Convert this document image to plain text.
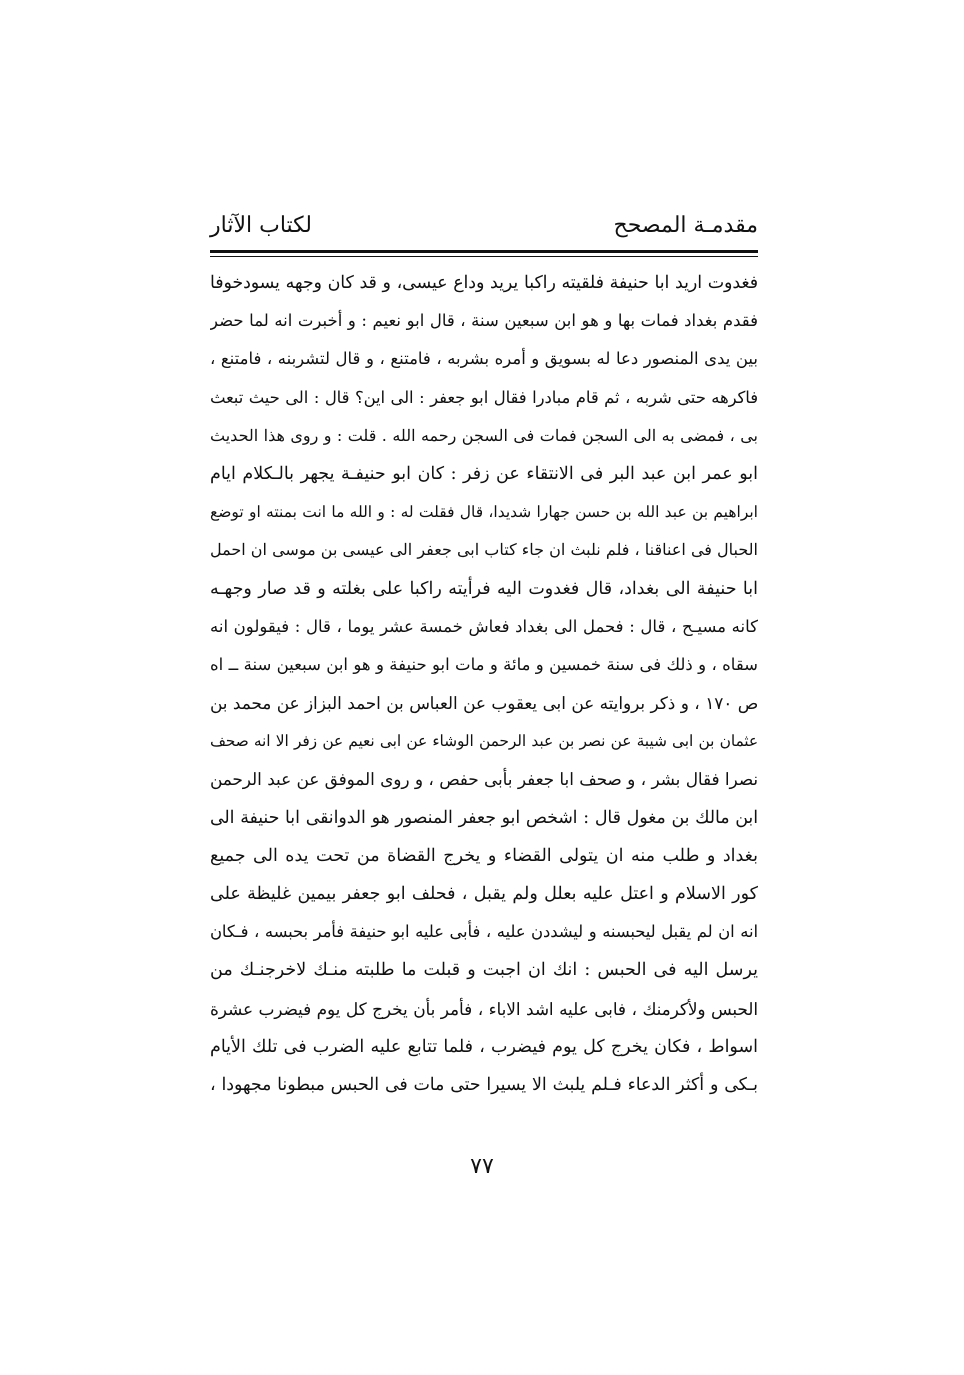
مقدمـة المصحح
لكتاب الآثار
فغدوت اريد ابا حنيفة فلقيته راكبا يريد وداع عيسى، و قد كان وجهه يسودخوفا
فقدم بغداد فمات بها و هو ابن سبعين سنة ، قال ابو نعيم : و أخبرت انه لما حضر
بين يدى المنصور دعا له بسويق و أمره بشربه ، فامتنع ، و قال لتشربنه ، فامتنع ،
فاكرهه حتى شربه ، ثم قام مبادرا فقال ابو جعفر : الى اين؟ قال : الى حيث تبعث
بى ، فمضى به الى السجن فمات فى السجن رحمه الله . قلت : و روى هذا الحديث
ابو عمر ابن عبد البر فى الانتقاء عن زفر : كان ابو حنيفـة يجهر بالـكلام ايام
ابراهيم بن عبد الله بن حسن جهارا شديدا، قال فقلت له : و الله ما انت بمنته او توضع
الحبال فى اعناقنا ، فلم نلبث ان جاء كتاب ابى جعفر الى عيسى بن موسى ان احمل
ابا حنيفة الى بغداد، قال فغدوت اليه فرأيته راكبا على بغلته و قد صار وجهـه
كانه مسيـح ، قال : فحمل الى بغداد فعاش خمسة عشر يوما ، قال : فيقولون انه
سقاه ، و ذلك فى سنة خمسين و مائة و مات ابو حنيفة و هو ابن سبعين سنة ــ اه
ص ١٧٠ ، و ذكر بروايته عن ابى يعقوب عن العباس بن احمد البزاز عن محمد بن
عثمان بن ابى شيبة عن نصر بن عبد الرحمن الوشاء عن ابى نعيم عن زفر الا انه صحف
نصرا فقال بشر ، و صحف ابا جعفر بأبى حفص ، و روى الموفق عن عبد الرحمن
ابن مالك بن مغول قال : اشخص ابو جعفر المنصور هو الدوانقى ابا حنيفة الى
بغداد و طلب منه ان يتولى القضاء و يخرج القضاة من تحت يده الى جميع
كور الاسلام و اعتل عليه بعلل ولم يقبل ، فحلف ابو جعفر بيمين غليظة على
انه ان لم يقبل ليحبسنه و ليشددن عليه ، فأبى عليه ابو حنيفة فأمر بحبسه ، فـكان
يرسل اليه فى الحبس : انك ان اجبت و قبلت ما طلبته منـك لاخرجنـك من
الحبس ولأكرمنك ، فابى عليه اشد الاباء ، فأمر بأن يخرج كل يوم فيضرب عشرة
اسواط ، فكان يخرج كل يوم فيضرب ، فلما تتابع عليه الضرب فى تلك الأيام
بـكى و أكثر الدعاء فـلم يلبث الا يسيرا حتى مات فى الحبس مبطونا مجهودا ،
٧٧
